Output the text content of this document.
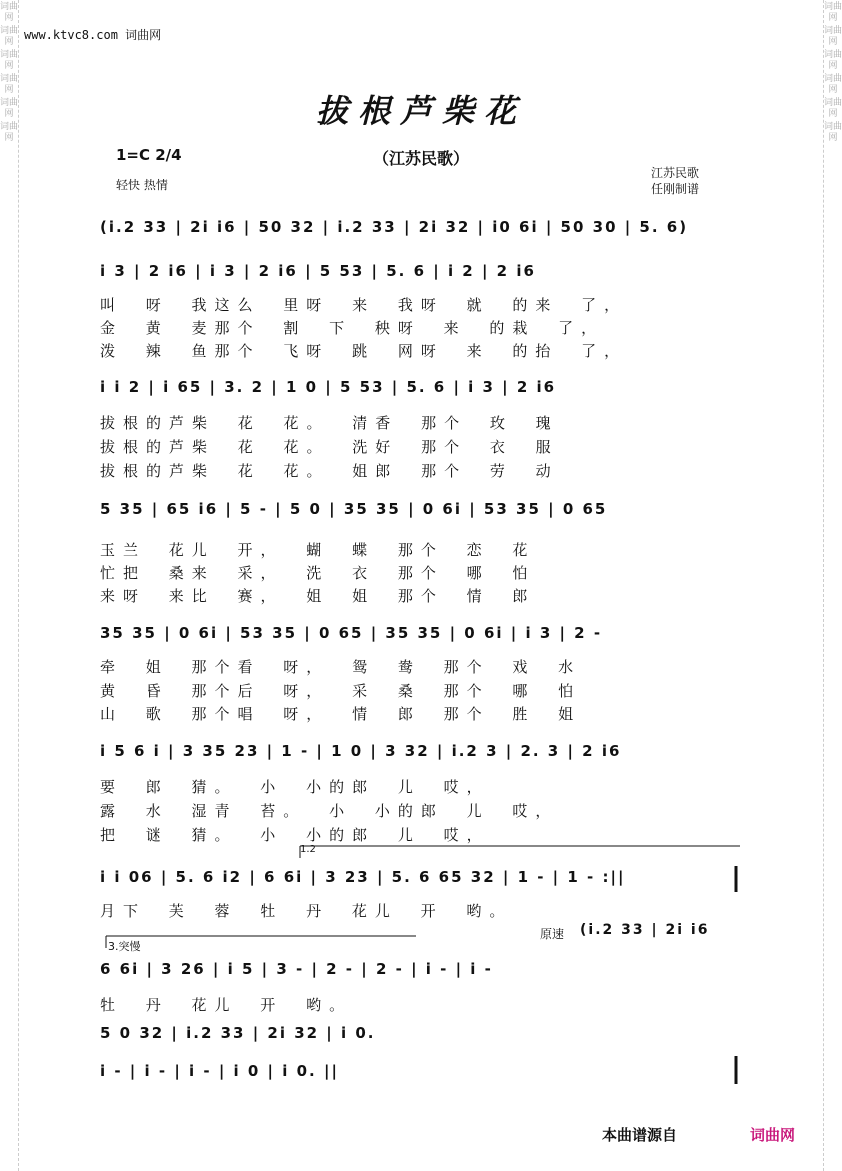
词曲网
词曲网
词曲网
词曲网
词曲网
词曲网
词曲网
词曲网
词曲网
词曲网
词曲网
词曲网
www.ktvc8.com 词曲网
拔根芦柴花
1=C 2/4
轻快 热情
（江苏民歌）
江苏民歌
任刚制谱
(i.2 33 | 2i i6 | 50 32 | i.2 33 | 2i 32 | i0 6i | 50 30 | 5. 6)
i 3 | 2 i6 | i 3 | 2 i6 | 5 53 | 5. 6 | i 2 | 2 i6
叫 呀 我这么 里呀 来 我呀 就 的来 了，
金 黄 麦那个 割 下 秧呀 来 的栽 了，
泼 辣 鱼那个 飞呀 跳 网呀 来 的抬 了，
i i 2 | i 65 | 3. 2 | 1 0 | 5 53 | 5. 6 | i 3 | 2 i6
拔根的芦柴 花 花。 清香 那个 玫 瑰
拔根的芦柴 花 花。 洗好 那个 衣 服
拔根的芦柴 花 花。 姐郎 那个 劳 动
5 35 | 65 i6 | 5 - | 5 0 | 35 35 | 0 6i | 53 35 | 0 65
玉兰 花儿 开， 蝴 蝶 那个 恋 花
忙把 桑来 采， 洗 衣 那个 哪 怕
来呀 来比 赛， 姐 姐 那个 情 郎
35 35 | 0 6i | 53 35 | 0 65 | 35 35 | 0 6i | i 3 | 2 -
牵 姐 那个看 呀， 鸳 鸯 那个 戏 水
黄 昏 那个后 呀， 采 桑 那个 哪 怕
山 歌 那个唱 呀， 情 郎 那个 胜 姐
i 5 6 i | 3 35 23 | 1 - | 1 0 | 3 32 | i.2 3 | 2. 3 | 2 i6
要 郎 猜。 小 小的郎 儿 哎，
露 水 湿青 苔。 小 小的郎 儿 哎，
把 谜 猜。 小 小的郎 儿 哎，
1.2
i i 06 | 5. 6 i2 | 6 6i | 3 23 | 5. 6 65 32 | 1 - | 1 - :||
月下 芙 蓉 牡 丹 花儿 开 哟。
3.突慢
原速 (i.2 33 | 2i i6
6 6i | 3 26 | i 5 | 3 - | 2 - | 2 - | i - | i -
牡 丹 花儿 开 哟。
5 0 32 | i.2 33 | 2i 32 | i 0.
i - | i - | i - | i 0 | i 0. ||
本曲谱源自	词曲网
